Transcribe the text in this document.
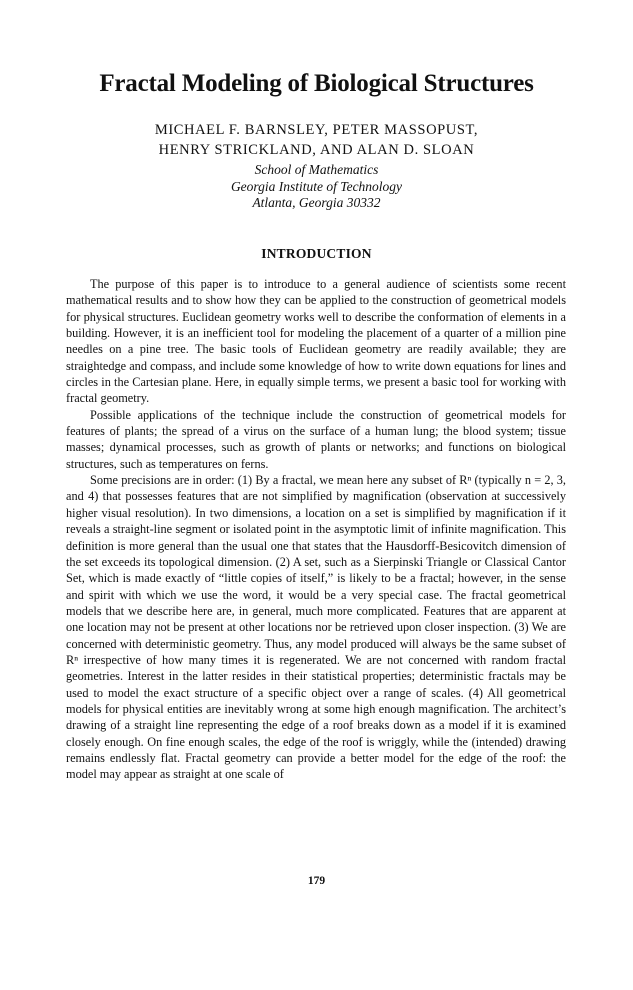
Fractal Modeling of Biological Structures
MICHAEL F. BARNSLEY, PETER MASSOPUST,
HENRY STRICKLAND, AND ALAN D. SLOAN
School of Mathematics
Georgia Institute of Technology
Atlanta, Georgia 30332
INTRODUCTION

The purpose of this paper is to introduce to a general audience of scientists some recent mathematical results and to show how they can be applied to the construction of geometrical models for physical structures. Euclidean geometry works well to describe the conformation of elements in a building. However, it is an inefficient tool for modeling the placement of a quarter of a million pine needles on a pine tree. The basic tools of Euclidean geometry are readily available; they are straightedge and compass, and include some knowledge of how to write down equations for lines and circles in the Cartesian plane. Here, in equally simple terms, we present a basic tool for working with fractal geometry.

Possible applications of the technique include the construction of geometrical models for features of plants; the spread of a virus on the surface of a human lung; the blood system; tissue masses; dynamical processes, such as growth of plants or networks; and functions on biological structures, such as temperatures on ferns.

Some precisions are in order: (1) By a fractal, we mean here any subset of Rⁿ (typically n = 2, 3, and 4) that possesses features that are not simplified by magnification (observation at successively higher visual resolution). In two dimensions, a location on a set is simplified by magnification if it reveals a straight-line segment or isolated point in the asymptotic limit of infinite magnification. This definition is more general than the usual one that states that the Hausdorff-Besicovitch dimension of the set exceeds its topological dimension. (2) A set, such as a Sierpinski Triangle or Classical Cantor Set, which is made exactly of “little copies of itself,” is likely to be a fractal; however, in the sense and spirit with which we use the word, it would be a very special case. The fractal geometrical models that we describe here are, in general, much more complicated. Features that are apparent at one location may not be present at other locations nor be retrieved upon closer inspection. (3) We are concerned with deterministic geometry. Thus, any model produced will always be the same subset of Rⁿ irrespective of how many times it is regenerated. We are not concerned with random fractal geometries. Interest in the latter resides in their statistical properties; deterministic fractals may be used to model the exact structure of a specific object over a range of scales. (4) All geometrical models for physical entities are inevitably wrong at some high enough magnification. The architect’s drawing of a straight line representing the edge of a roof breaks down as a model if it is examined closely enough. On fine enough scales, the edge of the roof is wriggly, while the (intended) drawing remains endlessly flat. Fractal geometry can provide a better model for the edge of the roof: the model may appear as straight at one scale of

179
